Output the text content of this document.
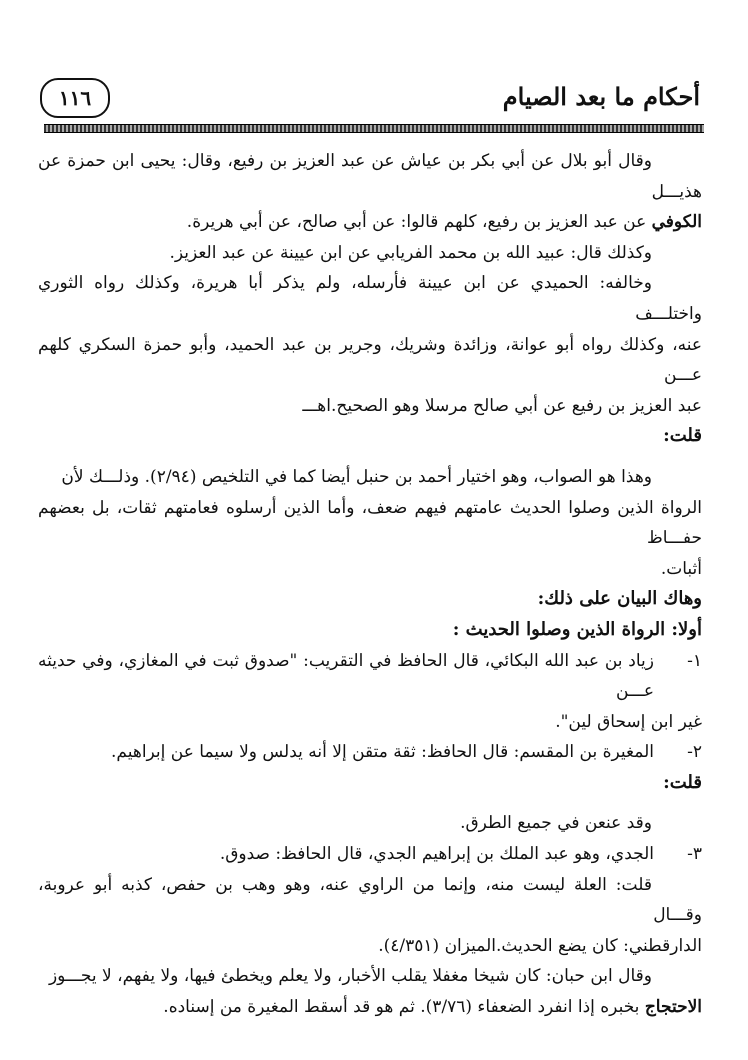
١١٦	أحكام ما بعد الصيام

وقال أبو بلال عن أبي بكر بن عياش عن عبد العزيز بن رفيع، وقال: يحيى ابن حمزة عن هذيـــل

الكوفي عن عبد العزيز بن رفيع، كلهم قالوا: عن أبي صالح، عن أبي هريرة.

وكذلك قال: عبيد الله بن محمد الفريابي عن ابن عيينة عن عبد العزيز.

وخالفه: الحميدي عن ابن عيينة فأرسله، ولم يذكر أبا هريرة، وكذلك رواه الثوري واختلـــف

عنه، وكذلك رواه أبو عوانة، وزائدة وشريك، وجرير بن عبد الحميد، وأبو حمزة السكري كلهم عـــن

عبد العزيز بن رفيع عن أبي صالح مرسلا وهو الصحيح.اهـــ

قلت:

وهذا هو الصواب، وهو اختيار أحمد بن حنبل أيضا كما في التلخيص (٢/٩٤). وذلـــك لأن

الرواة الذين وصلوا الحديث عامتهم فيهم ضعف، وأما الذين أرسلوه فعامتهم ثقات، بل بعضهم حفـــاظ

أثبات.

وهاك البيان على ذلك:

أولا: الرواة الذين وصلوا الحديث :

١-
زياد بن عبد الله البكائي، قال الحافظ في التقريب: "صدوق ثبت في المغازي، وفي حديثه عـــن

غير ابن إسحاق لين".

٢-
المغيرة بن المقسم: قال الحافظ: ثقة متقن إلا أنه يدلس ولا سيما عن إبراهيم.

قلت:

وقد عنعن في جميع الطرق.

٣-
الجدي، وهو عبد الملك بن إبراهيم الجدي، قال الحافظ: صدوق.

قلت: العلة ليست منه، وإنما من الراوي عنه، وهو وهب بن حفص، كذبه أبو عروبة، وقـــال

الدارقطني: كان يضع الحديث.الميزان (٤/٣٥١).

وقال ابن حبان: كان شيخا مغفلا يقلب الأخبار، ولا يعلم ويخطئ فيها، ولا يفهم، لا يجـــوز

الاحتجاج بخبره إذا انفرد الضعفاء (٣/٧٦). ثم هو قد أسقط المغيرة من إسناده.
